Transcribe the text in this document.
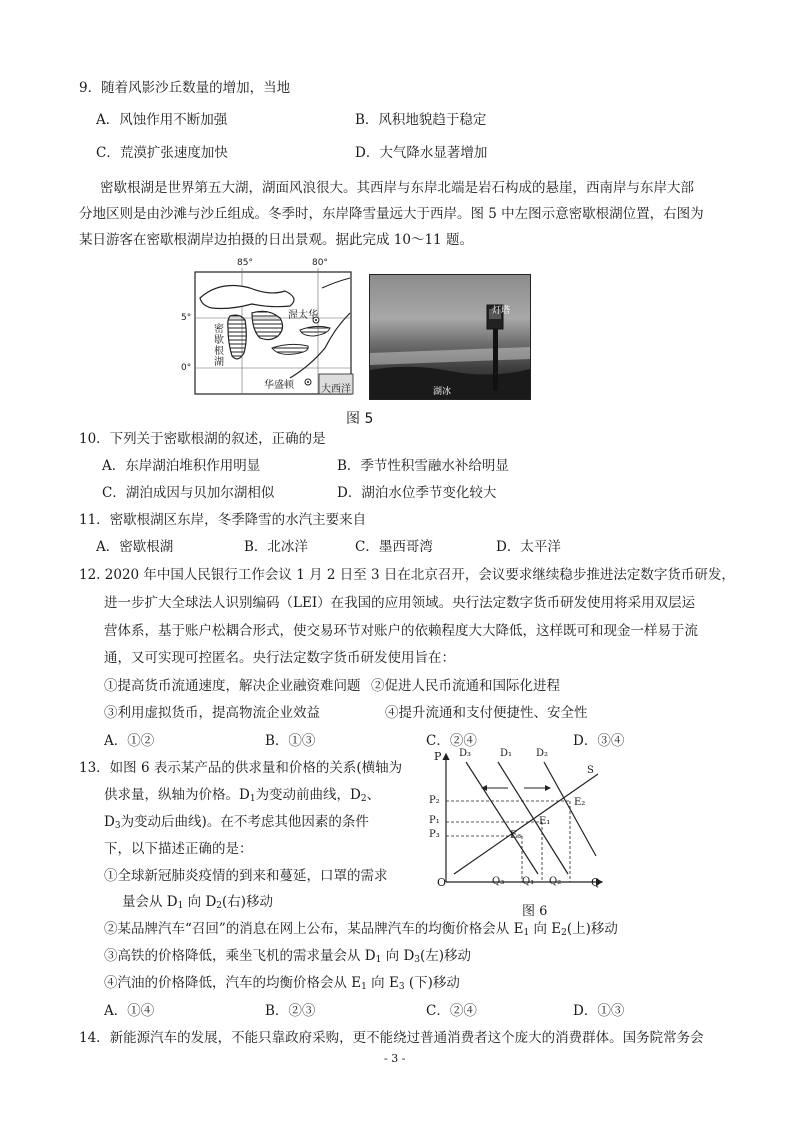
9．随着风影沙丘数量的增加，当地
A．风蚀作用不断加强	B．风积地貌趋于稳定
C．荒漠扩张速度加快	D．大气降水显著增加
密歇根湖是世界第五大湖，湖面风浪很大。其西岸与东岸北端是岩石构成的悬崖，西南岸与东岸大部
分地区则是由沙滩与沙丘组成。冬季时，东岸降雪量远大于西岸。图 5 中左图示意密歇根湖位置，右图为
某日游客在密歇根湖岸边拍摄的日出景观。据此完成 10～11 题。
85°	80°
5°
0°
密
歇
根
湖
渥太华
华盛顿	大西洋
灯塔
湖冰
图 5
10．下列关于密歇根湖的叙述，正确的是
A．东岸湖泊堆积作用明显	B．季节性积雪融水补给明显
C．湖泊成因与贝加尔湖相似	D．湖泊水位季节变化较大
11．密歇根湖区东岸，冬季降雪的水汽主要来自
A．密歇根湖	B．北冰洋	C．墨西哥湾	D．太平洋
12. 2020 年中国人民银行工作会议 1 月 2 日至 3 日在北京召开，会议要求继续稳步推进法定数字货币研发，
进一步扩大全球法人识别编码（LEI）在我国的应用领域。央行法定数字货币研发使用将采用双层运
营体系，基于账户松耦合形式，使交易环节对账户的依赖程度大大降低，这样既可和现金一样易于流
通，又可实现可控匿名。央行法定数字货币研发使用旨在：
①提高货币流通速度，解决企业融资难问题 ②促进人民币流通和国际化进程
③利用虚拟货币，提高物流企业效益	④提升流通和支付便捷性、安全性
A．①②	B．①③	C．②④	D．③④
13．如图 6 表示某产品的供求量和价格的关系(横轴为
供求量，纵轴为价格。$D_1$为变动前曲线，$D_2$、
$D_3$为变动后曲线)。在不考虑其他因素的条件
下，以下描述正确的是：
①全球新冠肺炎疫情的到来和蔓延，口罩的需求
量会从 $D_1$ 向 $D_2$(右)移动
②某品牌汽车“召回”的消息在网上公布，某品牌汽车的均衡价格会从 $E_1$ 向 $E_2$(上)移动
③高铁的价格降低，乘坐飞机的需求量会从 $D_1$ 向 $D_3$(左)移动
④汽油的价格降低，汽车的均衡价格会从 $E_1$ 向 $E_3$ (下)移动
A．①④	B．②③	C．②④	D．①③
P
Q
O
P₂
P₁
P₃
Q₃ Q₁ Q₂
D₃	D₁ D₂
S
E₂
E₁
E₃
图 6
14．新能源汽车的发展，不能只靠政府采购，更不能绕过普通消费者这个庞大的消费群体。国务院常务会
- 3 -
